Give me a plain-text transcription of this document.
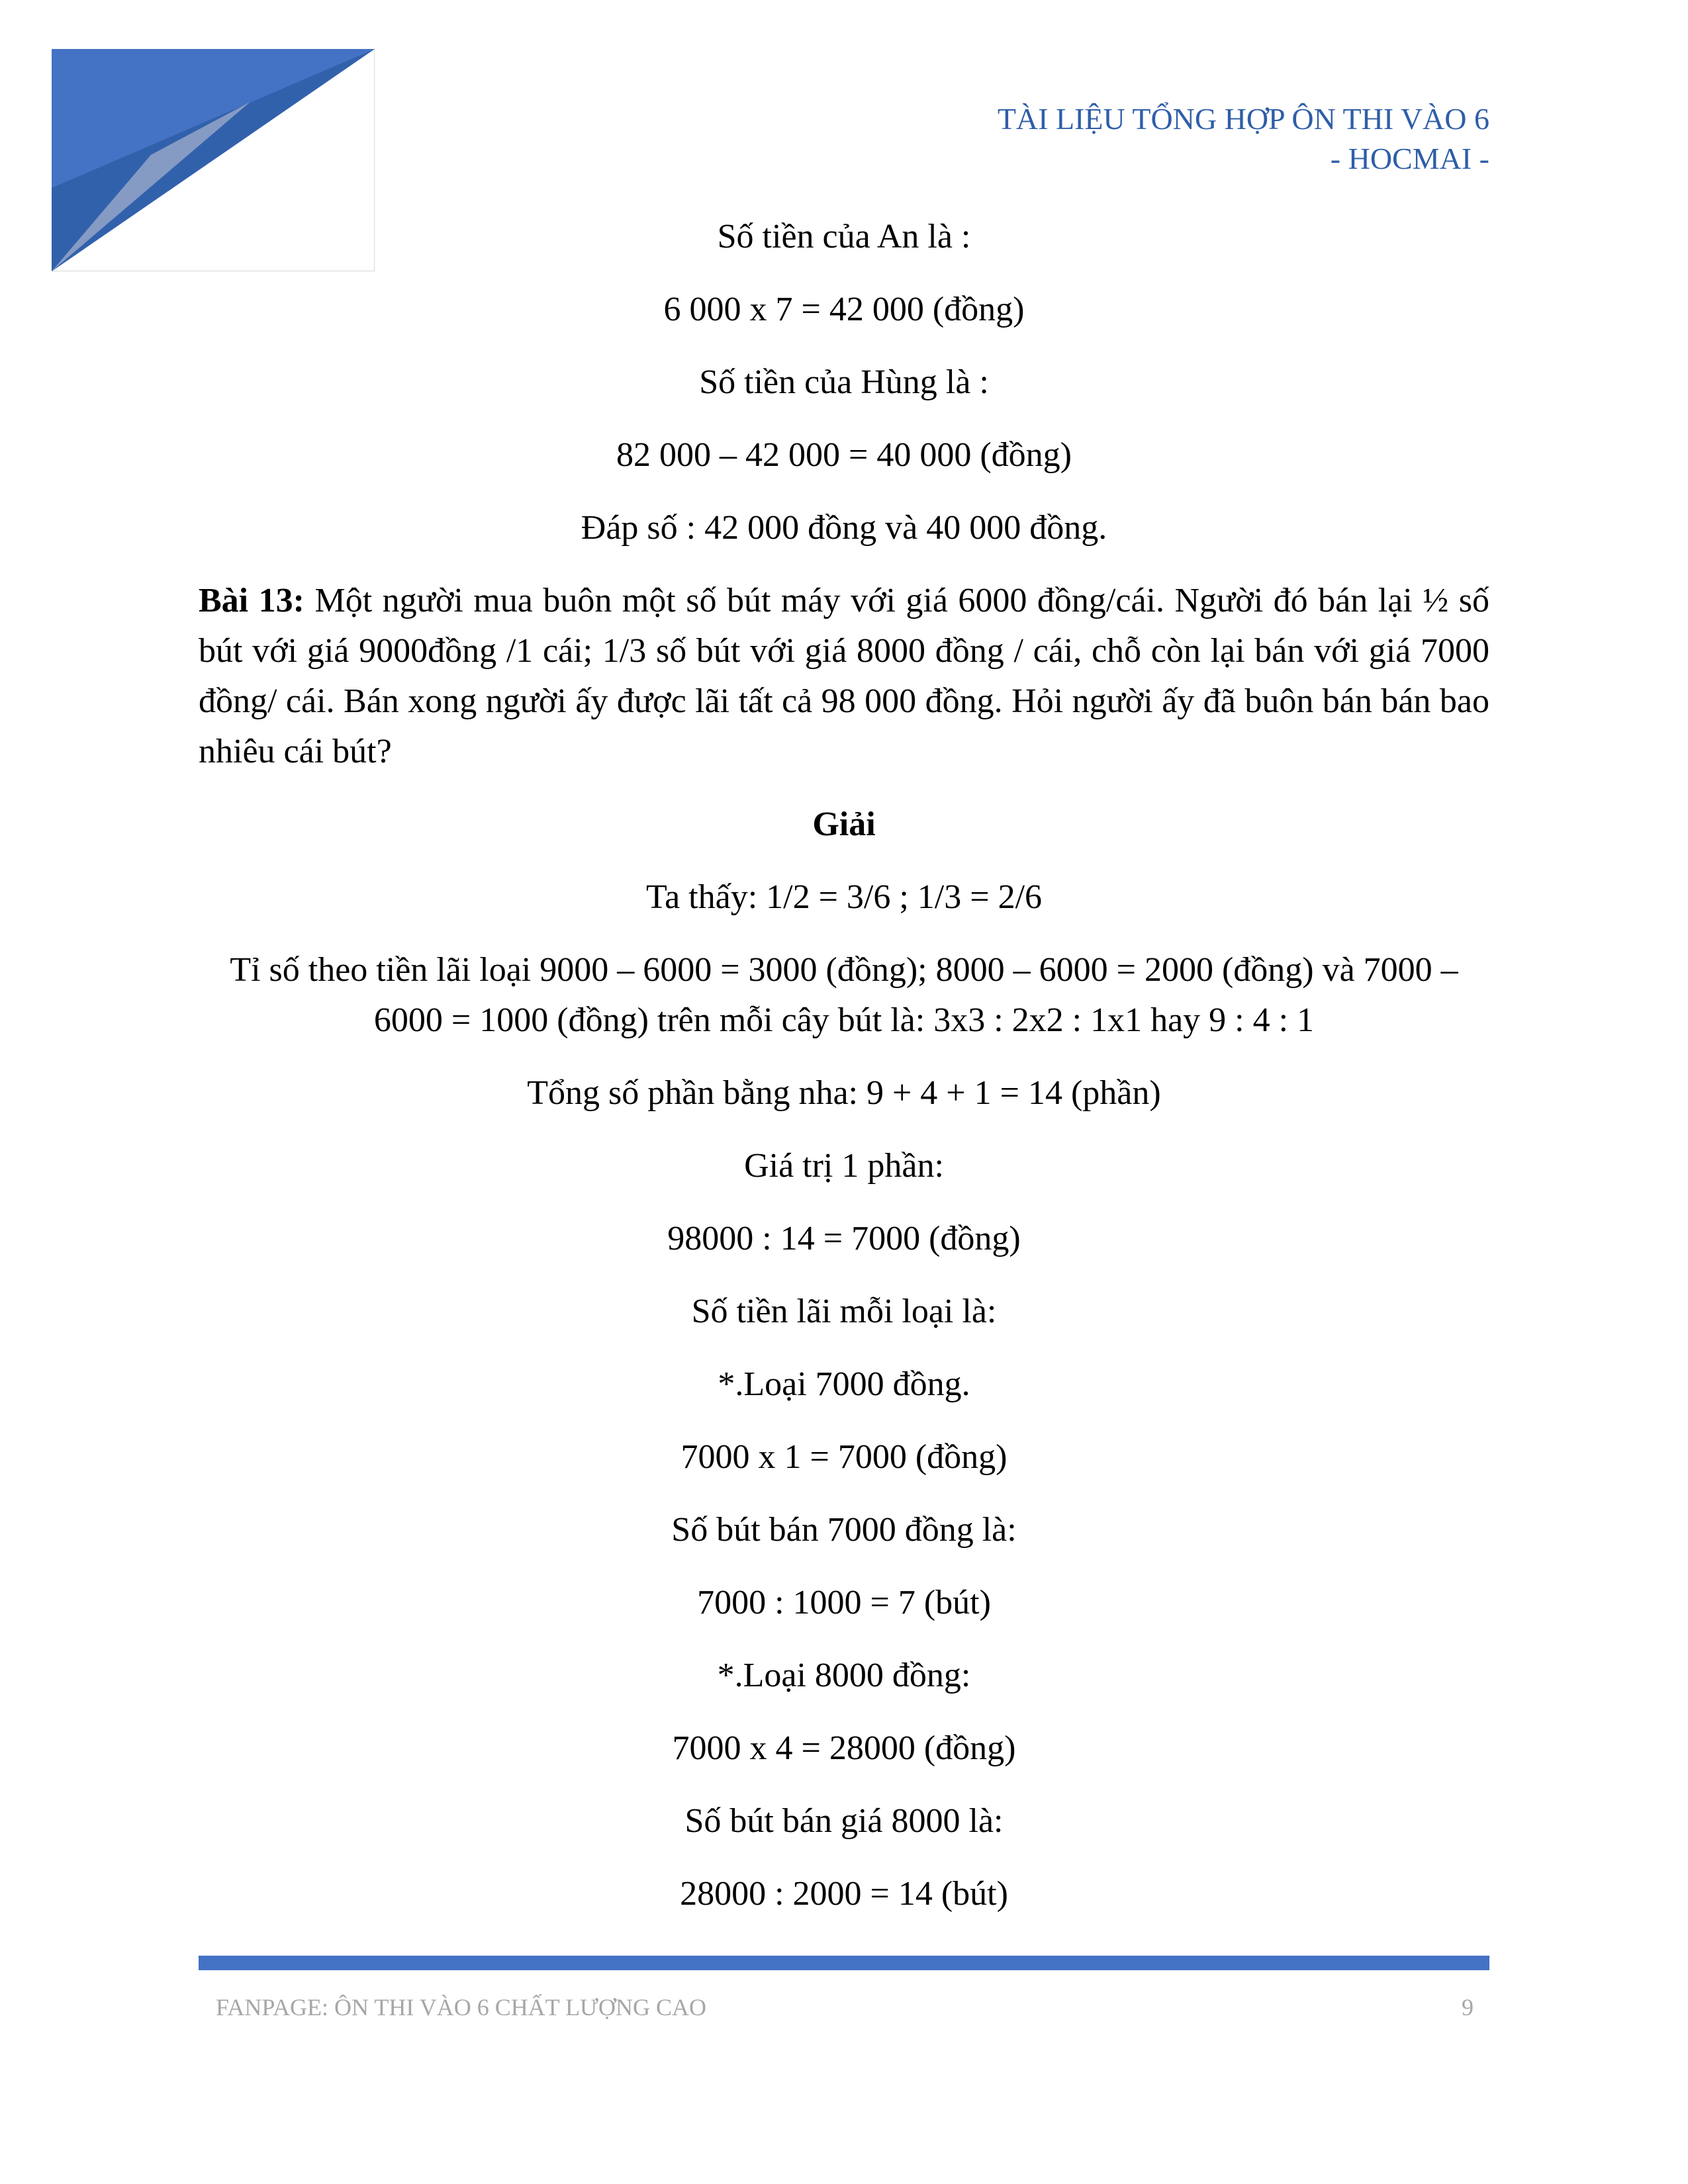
TÀI LIỆU TỔNG HỢP ÔN THI VÀO 6
- HOCMAI -
Số tiền của An là :
6 000 x 7 = 42 000 (đồng)
Số tiền của Hùng là :
82 000 – 42 000 = 40 000 (đồng)
Đáp số : 42 000 đồng và 40 000 đồng.
Bài 13: Một người mua buôn một số bút máy với giá 6000 đồng/cái. Người đó bán lại ½ số bút với giá 9000đồng /1 cái; 1/3 số bút với giá 8000 đồng / cái, chỗ còn lại bán với giá 7000 đồng/ cái. Bán xong người ấy được lãi tất cả 98 000 đồng. Hỏi người ấy đã buôn bán bán bao nhiêu cái bút?
Giải
Ta thấy: 1/2 = 3/6 ; 1/3 = 2/6
Tỉ số theo tiền lãi loại 9000 – 6000 = 3000 (đồng); 8000 – 6000 = 2000 (đồng) và 7000 – 6000 = 1000 (đồng) trên mỗi cây bút là: 3x3 : 2x2 : 1x1 hay 9 : 4 : 1
Tổng số phần bằng nha: 9 + 4 + 1 = 14 (phần)
Giá trị 1 phần:
98000 : 14 = 7000 (đồng)
Số tiền lãi mỗi loại là:
*.Loại 7000 đồng.
7000 x 1 = 7000 (đồng)
Số bút bán 7000 đồng là:
7000 : 1000 = 7 (bút)
*.Loại 8000 đồng:
7000 x 4 = 28000 (đồng)
Số bút bán giá 8000 là:
28000 : 2000 = 14 (bút)
FANPAGE: ÔN THI VÀO 6 CHẤT LƯỢNG CAO	9
